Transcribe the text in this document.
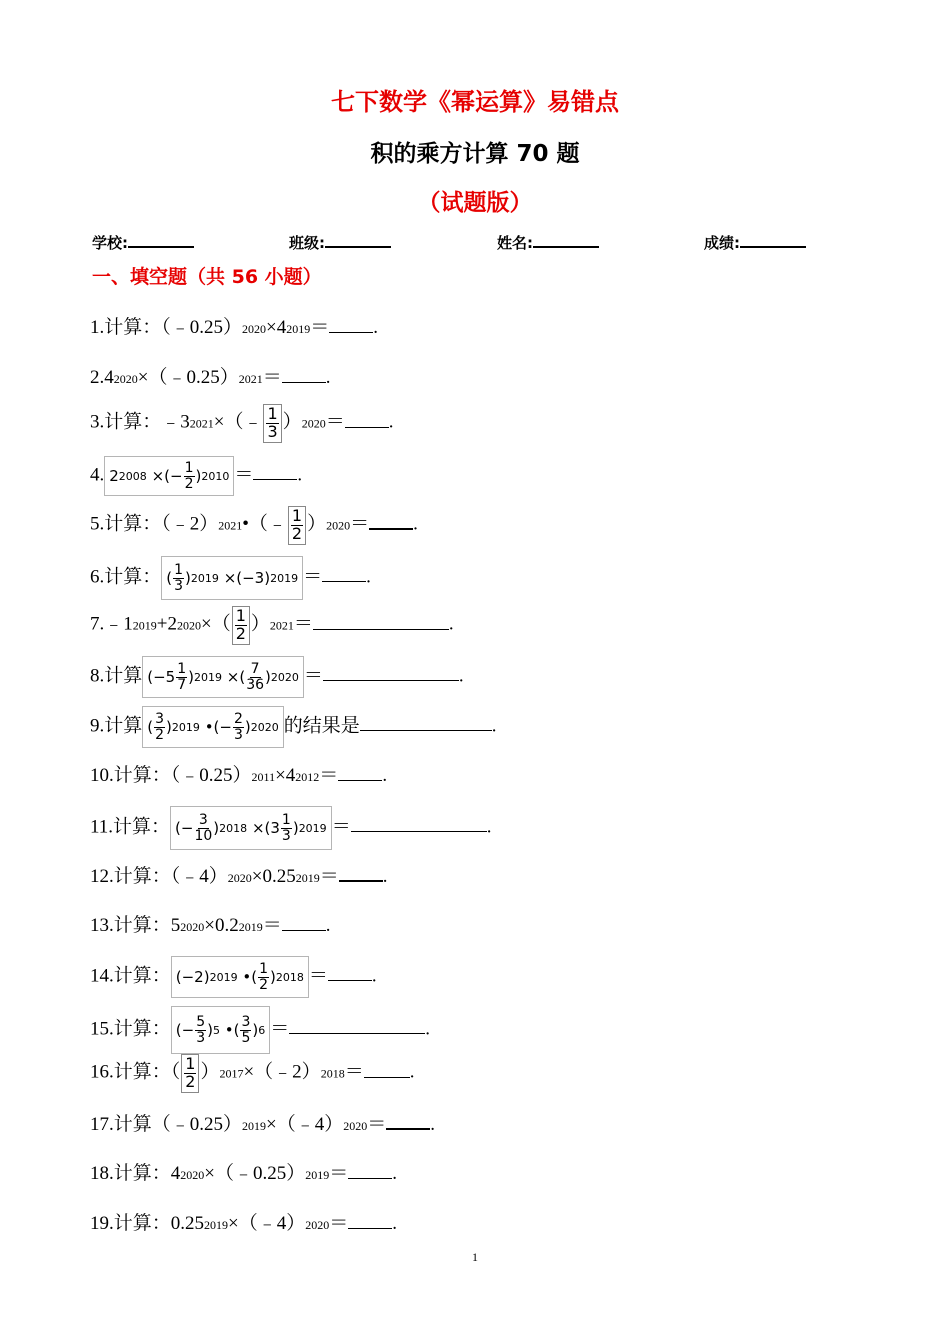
七下数学《幂运算》易错点
积的乘方计算 70 题
（试题版）
学校:	班级:	姓名:	成绩:
一、填空题（共 56 小题）
1.计算：（﹣0.25）2020×42019＝ .
2.42020×（﹣0.25）2021＝ .
3.计算：﹣32021×（﹣ $\frac{1}{3} )2020=$ .
4. 2 2008
×(− $\frac{1}{2}$ ) 2010 ＝ .
5.计算：（﹣2）2021•（﹣ $\frac{1}{2} )2020=$ .
6.计算： ( 1
3 ) 2019
×(−3) 2019 ＝ .
7.﹣12019+22020×（ $\frac{1}{2} )2021=$	.
8.计算 (−5 1
7 ) 2019
×( 7
36 ) 2020 ＝	.
9.计算 ( 3
2 ) 2019
•(− $\frac{2}{3}$ ) 2020 的结果是	.
10.计算：（﹣0.25）2011×42012＝ .
11.计算： (− 3
10 ) 2018
×(3 1
3 ) 2019 ＝	.
12.计算：（﹣4）2020×0.252019＝ .
13.计算：52020×0.22019＝ .
14.计算： (−2) 2019
•( 1
2 ) 2018 ＝ .
15.计算： (− 5
3 ) 5
•( 3
5 ) 6 ＝	.
16.计算：（ $\frac{1}{2}$ ）2017×（﹣2）2018＝ .
17.计算（﹣0.25）2019×（﹣4）2020＝ .
18.计算：42020×（﹣0.25）2019＝ .
19.计算：0.252019×（﹣4）2020＝ .
1
